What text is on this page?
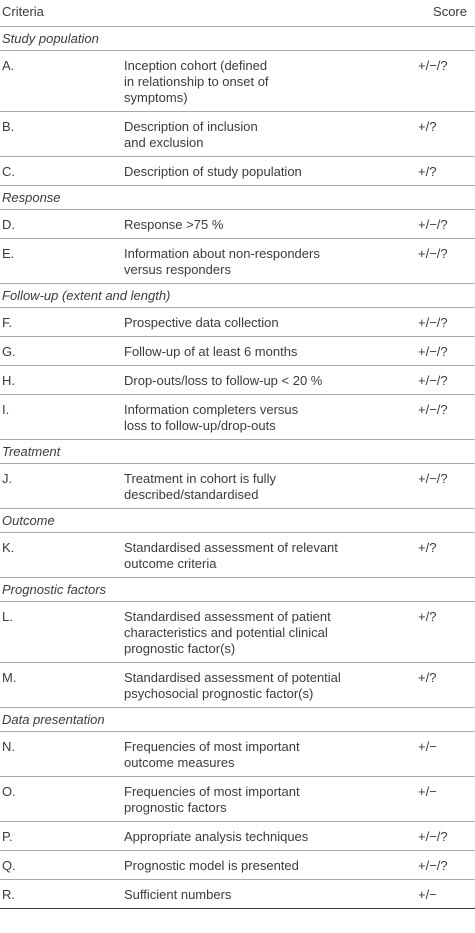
Criteria	Score
Study population
A.	Inception cohort (defined
in relationship to onset of
symptoms)
+/−/?
B.	Description of inclusion
and exclusion
+/?
C.	Description of study population	+/?
Response
D.	Response >75 %	+/−/?
E.	Information about non-responders
versus responders
+/−/?
Follow-up (extent and length)
F.	Prospective data collection	+/−/?
G.	Follow-up of at least 6 months	+/−/?
H.	Drop-outs/loss to follow-up < 20 %	+/−/?
I.	Information completers versus
loss to follow-up/drop-outs
+/−/?
Treatment
J.	Treatment in cohort is fully
described/standardised
+/−/?
Outcome
K.	Standardised assessment of relevant
outcome criteria
+/?
Prognostic factors
L.	Standardised assessment of patient
characteristics and potential clinical
prognostic factor(s)
+/?
M.	Standardised assessment of potential
psychosocial prognostic factor(s)
+/?
Data presentation
N.	Frequencies of most important
outcome measures
+/−
O.	Frequencies of most important
prognostic factors
+/−
P.	Appropriate analysis techniques	+/−/?
Q.	Prognostic model is presented	+/−/?
R.	Sufficient numbers	+/−
